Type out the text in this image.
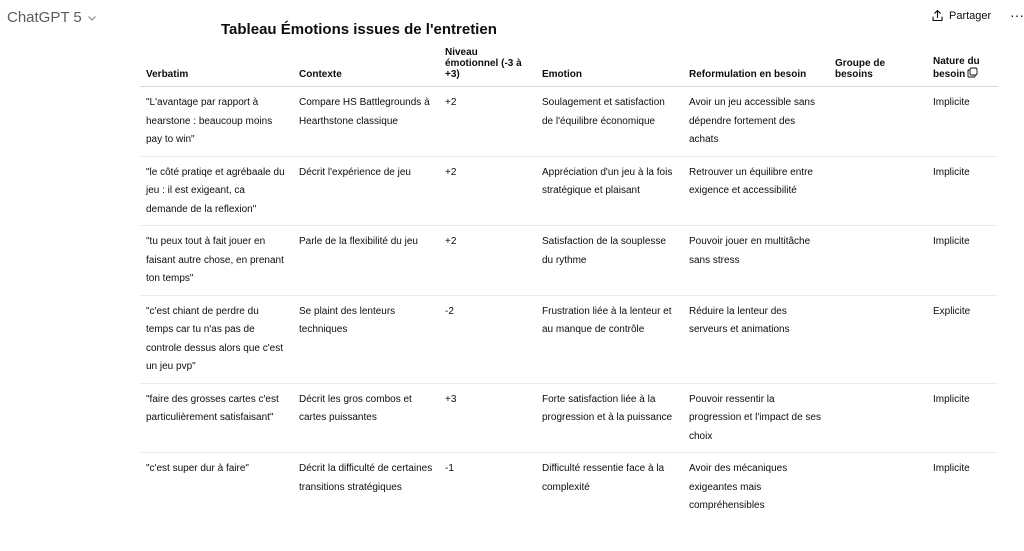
ChatGPT 5	Partager ···
Tableau Émotions issues de l'entretien
Verbatim	Contexte	Niveau émotionnel (-3 à +3)	Emotion	Reformulation en besoin	Groupe de besoins	Nature du besoin
"L'avantage par rapport à hearstone : beaucoup moins pay to win"	Compare HS Battlegrounds à Hearthstone classique	+2	Soulagement et satisfaction de l'équilibre économique	Avoir un jeu accessible sans dépendre fortement des achats		Implicite
"le côté pratiqe et agrébaale du jeu : il est exigeant, ca demande de la reflexion"	Décrit l'expérience de jeu	+2	Appréciation d'un jeu à la fois stratégique et plaisant	Retrouver un équilibre entre exigence et accessibilité		Implicite
"tu peux tout à fait jouer en faisant autre chose, en prenant ton temps"	Parle de la flexibilité du jeu	+2	Satisfaction de la souplesse du rythme	Pouvoir jouer en multitâche sans stress		Implicite
"c'est chiant de perdre du temps car tu n'as pas de controle dessus alors que c'est un jeu pvp"	Se plaint des lenteurs techniques	-2	Frustration liée à la lenteur et au manque de contrôle	Réduire la lenteur des serveurs et animations		Explicite
"faire des grosses cartes c'est particulièrement satisfaisant"	Décrit les gros combos et cartes puissantes	+3	Forte satisfaction liée à la progression et à la puissance	Pouvoir ressentir la progression et l'impact de ses choix		Implicite
"c'est super dur à faire"	Décrit la difficulté de certaines transitions stratégiques	-1	Difficulté ressentie face à la complexité	Avoir des mécaniques exigeantes mais compréhensibles		Implicite
